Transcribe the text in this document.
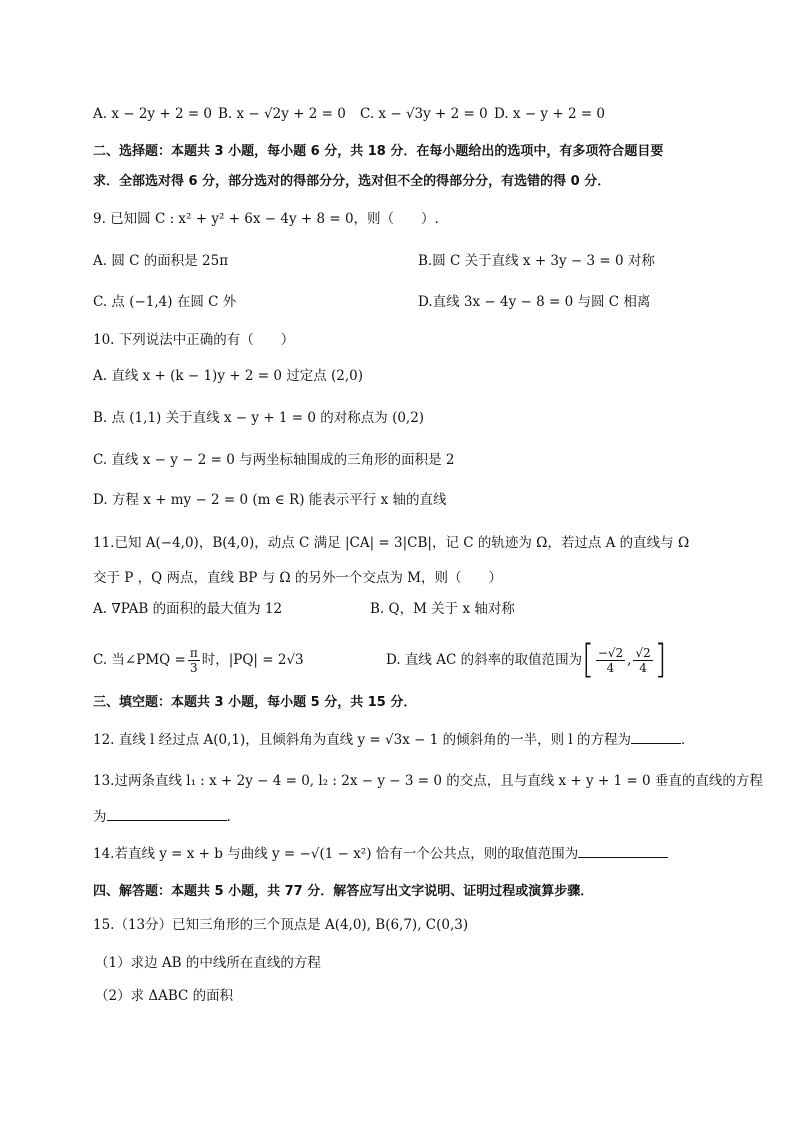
A. x − 2y + 2 = 0 B. x − √2y + 2 = 0 C. x − √3y + 2 = 0 D. x − y + 2 = 0
二、选择题：本题共 3 小题，每小题 6 分，共 18 分．在每小题给出的选项中，有多项符合题目要
求．全部选对得 6 分，部分选对的得部分分，选对但不全的得部分分，有选错的得 0 分．
9. 已知圆 C : x² + y² + 6x − 4y + 8 = 0，则（　　）.
A. 圆 C 的面积是 25π	B.圆 C 关于直线 x + 3y − 3 = 0 对称
C. 点 (−1,4) 在圆 C 外	D.直线 3x − 4y − 8 = 0 与圆 C 相离
10. 下列说法中正确的有（　　）
A. 直线 x + (k − 1)y + 2 = 0 过定点 (2,0)
B. 点 (1,1) 关于直线 x − y + 1 = 0 的对称点为 (0,2)
C. 直线 x − y − 2 = 0 与两坐标轴围成的三角形的面积是 2
D. 方程 x + my − 2 = 0 (m ∈ R) 能表示平行 x 轴的直线
11.已知 A(−4,0)，B(4,0)，动点 C 满足 |CA| = 3|CB|，记 C 的轨迹为 Ω，若过点 A 的直线与 Ω
交于 P ，Q 两点，直线 BP 与 Ω 的另外一个交点为 M，则（　　）
A. ∇PAB 的面积的最大值为 12	B. Q，M 关于 x 轴对称
C. 当∠PMQ = $\frac{\pi}{3}$ 时，|PQ| = 2√3	D. 直线 AC 的斜率的取值范围为[ $\frac{-√2}{4}$ , $\frac{√2}{4}$ ]
三、填空题：本题共 3 小题，每小题 5 分，共 15 分．
12. 直线 l 经过点 A(0,1)，且倾斜角为直线 y = √3x − 1 的倾斜角的一半，则 l 的方程为	．
13.过两条直线 l₁ : x + 2y − 4 = 0, l₂ : 2x − y − 3 = 0 的交点，且与直线 x + y + 1 = 0 垂直的直线的方程
为	.
14.若直线 y = x + b 与曲线 y = −√(1 − x²) 恰有一个公共点，则的取值范围为
四、解答题：本题共 5 小题，共 77 分．解答应写出文字说明、证明过程或演算步骤．
15.（13分）已知三角形的三个顶点是 A(4,0), B(6,7), C(0,3)
（1）求边 AB 的中线所在直线的方程
（2）求 ΔABC 的面积
